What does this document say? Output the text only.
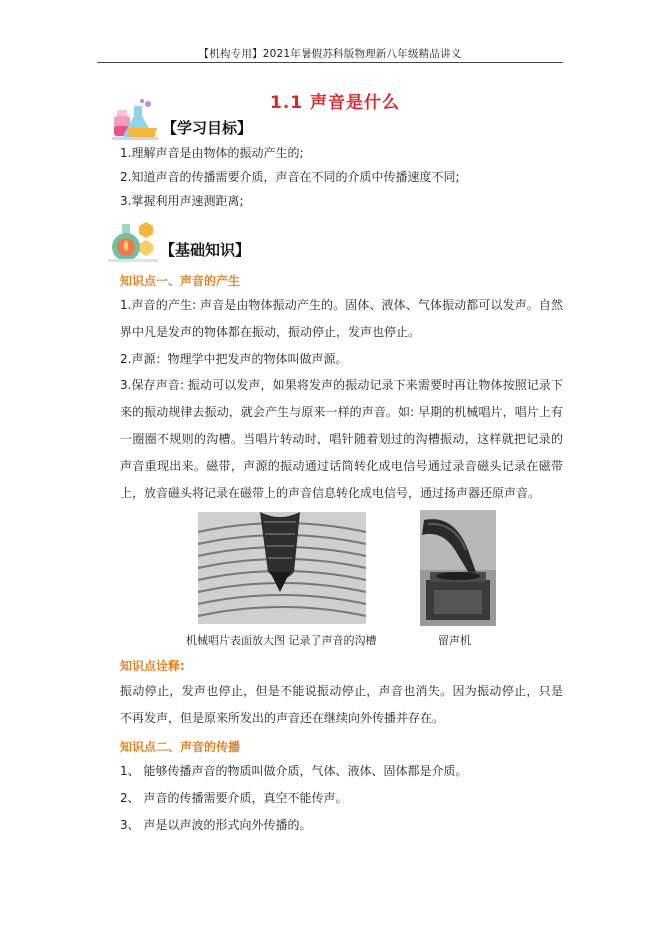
【机构专用】2021年暑假苏科版物理新八年级精品讲义
1.1 声音是什么
【学习目标】
1.理解声音是由物体的振动产生的;
2.知道声音的传播需要介质，声音在不同的介质中传播速度不同;
3.掌握利用声速测距离;
【基础知识】
知识点一、声音的产生

1.声音的产生: 声音是由物体振动产生的。固体、液体、气体振动都可以发声。自然界中凡是发声的物体都在振动，振动停止，发声也停止。

2.声源：物理学中把发声的物体叫做声源。

3.保存声音: 振动可以发声，如果将发声的振动记录下来需要时再让物体按照记录下来的振动规律去振动，就会产生与原来一样的声音。如: 早期的机械唱片，唱片上有一圈圈不规则的沟槽。当唱片转动时，唱针随着划过的沟槽振动，这样就把记录的声音重现出来。磁带，声源的振动通过话筒转化成电信号通过录音磁头记录在磁带上，放音磁头将记录在磁带上的声音信息转化成电信号，通过扬声器还原声音。

机械唱片表面放大图 记录了声音的沟槽	留声机
知识点诠释:

振动停止，发声也停止，但是不能说振动停止，声音也消失。因为振动停止，只是不再发声，但是原来所发出的声音还在继续向外传播并存在。

知识点二、声音的传播
1、 能够传播声音的物质叫做介质，气体、液体、固体都是介质。
2、 声音的传播需要介质，真空不能传声。
3、 声是以声波的形式向外传播的。
